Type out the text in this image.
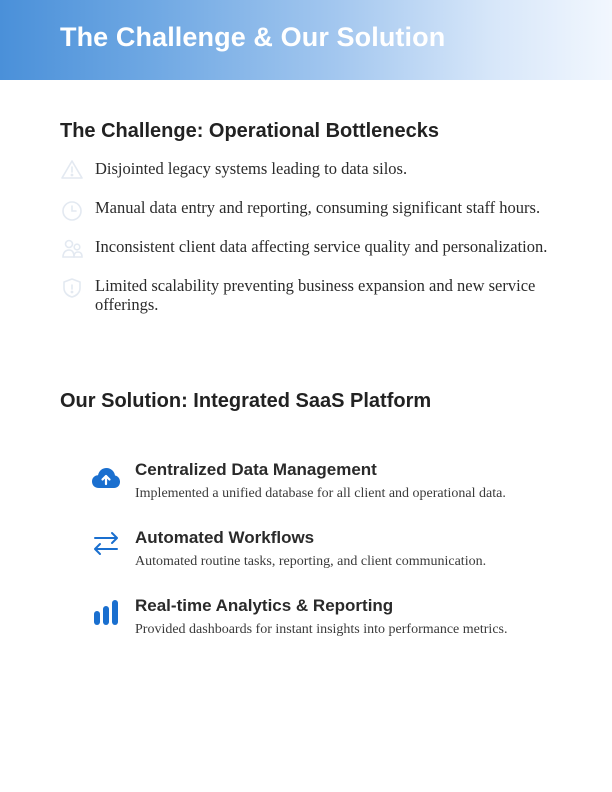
The Challenge & Our Solution
The Challenge: Operational Bottlenecks
Disjointed legacy systems leading to data silos.
Manual data entry and reporting, consuming significant staff hours.
Inconsistent client data affecting service quality and personalization.
Limited scalability preventing business expansion and new service offerings.
Our Solution: Integrated SaaS Platform
Centralized Data Management
Implemented a unified database for all client and operational data.
Automated Workflows
Automated routine tasks, reporting, and client communication.
Real-time Analytics & Reporting
Provided dashboards for instant insights into performance metrics.
